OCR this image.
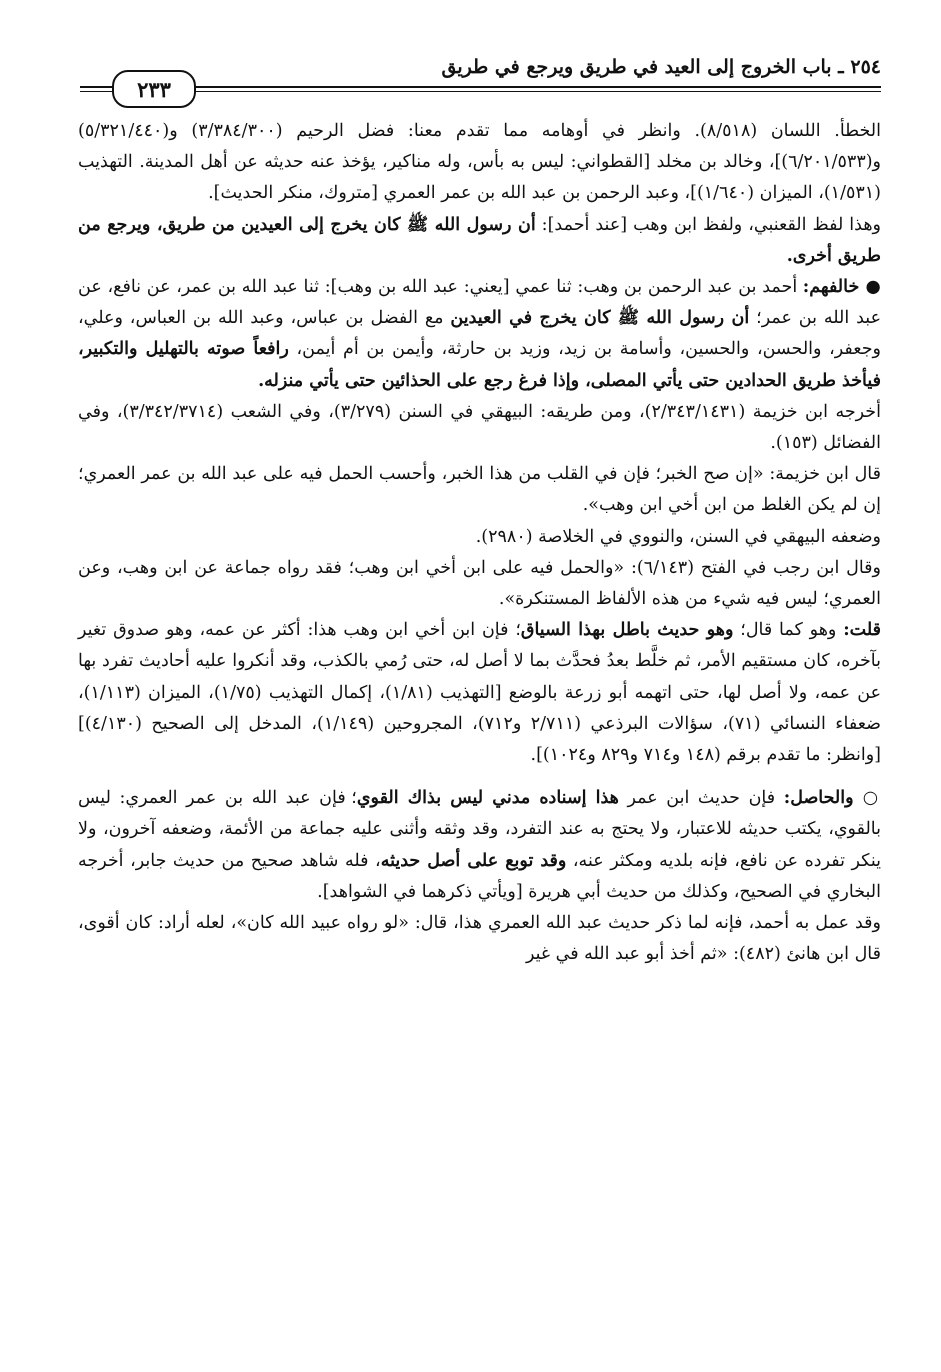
٢٥٤ ـ باب الخروج إلى العيد في طريق ويرجع في طريق
٢٣٣

الخطأ. اللسان (٨/٥١٨). وانظر في أوهامه مما تقدم معنا: فضل الرحيم (٣/٣٨٤/٣٠٠) و(٥/٣٢١/٤٤٠) و(٦/٢٠١/٥٣٣)]، وخالد بن مخلد [القطواني: ليس به بأس، وله مناكير، يؤخذ عنه حديثه عن أهل المدينة. التهذيب (١/٥٣١)، الميزان (١/٦٤٠)]، وعبد الرحمن بن عبد الله بن عمر العمري [متروك، منكر الحديث].

وهذا لفظ القعنبي، ولفظ ابن وهب [عند أحمد]: أن رسول الله ﷺ كان يخرج إلى العيدين من طريق، ويرجع من طريق أخرى.

● خالفهم: أحمد بن عبد الرحمن بن وهب: ثنا عمي [يعني: عبد الله بن وهب]: ثنا عبد الله بن عمر، عن نافع، عن عبد الله بن عمر؛ أن رسول الله ﷺ كان يخرج في العيدين مع الفضل بن عباس، وعبد الله بن العباس، وعلي، وجعفر، والحسن، والحسين، وأسامة بن زيد، وزيد بن حارثة، وأيمن بن أم أيمن، رافعاً صوته بالتهليل والتكبير، فيأخذ طريق الحدادين حتى يأتي المصلى، وإذا فرغ رجع على الحذائين حتى يأتي منزله.

أخرجه ابن خزيمة (٢/٣٤٣/١٤٣١)، ومن طريقه: البيهقي في السنن (٣/٢٧٩)، وفي الشعب (٣/٣٤٢/٣٧١٤)، وفي الفضائل (١٥٣).

قال ابن خزيمة: «إن صح الخبر؛ فإن في القلب من هذا الخبر، وأحسب الحمل فيه على عبد الله بن عمر العمري؛ إن لم يكن الغلط من ابن أخي ابن وهب».

وضعفه البيهقي في السنن، والنووي في الخلاصة (٢٩٨٠).

وقال ابن رجب في الفتح (٦/١٤٣): «والحمل فيه على ابن أخي ابن وهب؛ فقد رواه جماعة عن ابن وهب، وعن العمري؛ ليس فيه شيء من هذه الألفاظ المستنكرة».

قلت: وهو كما قال؛ وهو حديث باطل بهذا السياق؛ فإن ابن أخي ابن وهب هذا: أكثر عن عمه، وهو صدوق تغير بآخره، كان مستقيم الأمر، ثم خلَّط بعدُ فحدَّث بما لا أصل له، حتى رُمي بالكذب، وقد أنكروا عليه أحاديث تفرد بها عن عمه، ولا أصل لها، حتى اتهمه أبو زرعة بالوضع [التهذيب (١/٨١)، إكمال التهذيب (١/٧٥)، الميزان (١/١١٣)، ضعفاء النسائي (٧١)، سؤالات البرذعي (٢/٧١١ و٧١٢)، المجروحين (١/١٤٩)، المدخل إلى الصحيح (٤/١٣٠)] [وانظر: ما تقدم برقم (١٤٨ و٧١٤ و٨٢٩ و١٠٢٤)].

○ والحاصل: فإن حديث ابن عمر هذا إسناده مدني ليس بذاك القوي؛ فإن عبد الله بن عمر العمري: ليس بالقوي، يكتب حديثه للاعتبار، ولا يحتج به عند التفرد، وقد وثقه وأثنى عليه جماعة من الأئمة، وضعفه آخرون، ولا ينكر تفرده عن نافع، فإنه بلديه ومكثر عنه، وقد توبع على أصل حديثه، فله شاهد صحيح من حديث جابر، أخرجه البخاري في الصحيح، وكذلك من حديث أبي هريرة [ويأتي ذكرهما في الشواهد].

وقد عمل به أحمد، فإنه لما ذكر حديث عبد الله العمري هذا، قال: «لو رواه عبيد الله كان»، لعله أراد: كان أقوى، قال ابن هانئ (٤٨٢): «ثم أخذ أبو عبد الله في غير
